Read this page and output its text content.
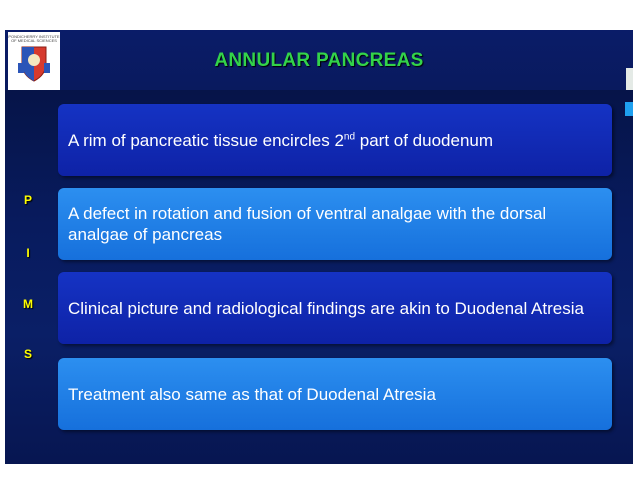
PONDICHERRY INSTITUTE OF MEDICAL SCIENCES
ANNULAR PANCREAS
P
I
M
S
A rim of pancreatic tissue encircles 2nd part of duodenum
A defect in rotation and fusion of ventral analgae with the dorsal analgae of pancreas
Clinical picture and radiological findings are akin to Duodenal Atresia
Treatment also same as that of Duodenal Atresia
